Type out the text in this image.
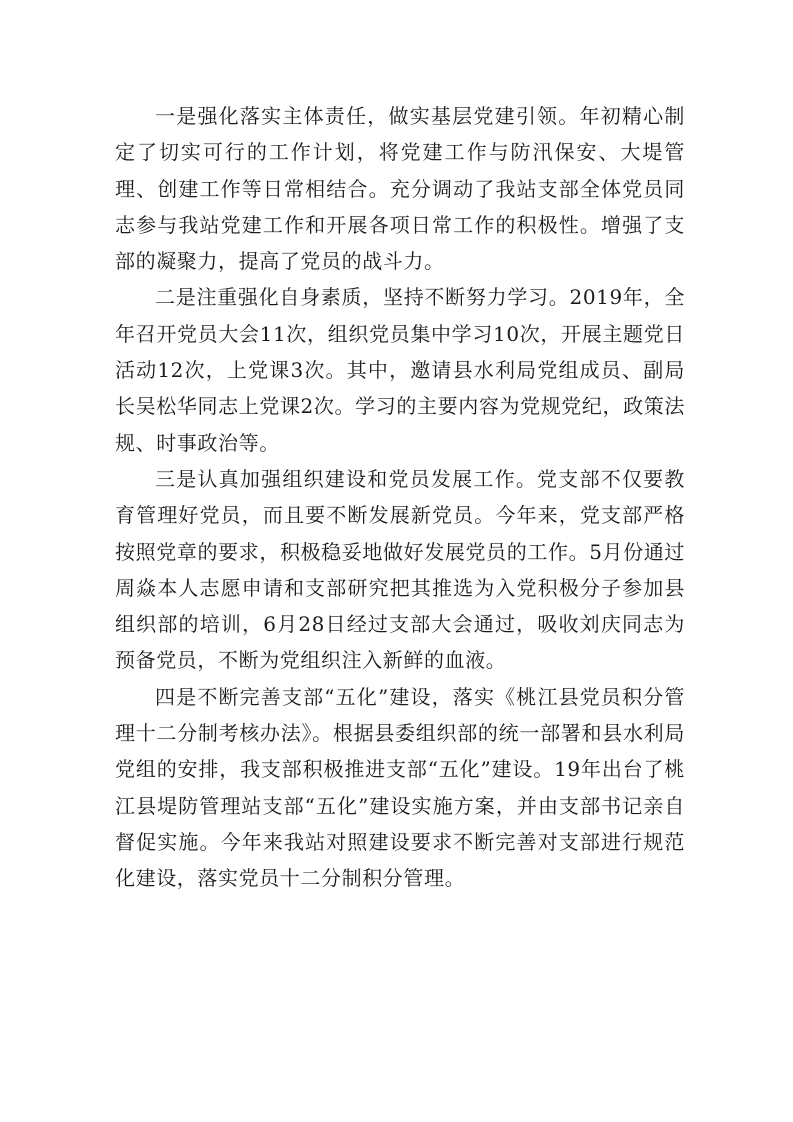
一是强化落实主体责任，做实基层党建引领。年初精心制定了切实可行的工作计划，将党建工作与防汛保安、大堤管理、创建工作等日常相结合。充分调动了我站支部全体党员同志参与我站党建工作和开展各项日常工作的积极性。增强了支部的凝聚力，提高了党员的战斗力。

二是注重强化自身素质，坚持不断努力学习。2019年，全年召开党员大会11次，组织党员集中学习10次，开展主题党日活动12次，上党课3次。其中，邀请县水利局党组成员、副局长吴松华同志上党课2次。学习的主要内容为党规党纪，政策法规、时事政治等。

三是认真加强组织建设和党员发展工作。党支部不仅要教育管理好党员，而且要不断发展新党员。今年来，党支部严格按照党章的要求，积极稳妥地做好发展党员的工作。5月份通过周焱本人志愿申请和支部研究把其推选为入党积极分子参加县组织部的培训，6月28日经过支部大会通过，吸收刘庆同志为预备党员，不断为党组织注入新鲜的血液。

四是不断完善支部“五化”建设，落实《桃江县党员积分管理十二分制考核办法》。根据县委组织部的统一部署和县水利局党组的安排，我支部积极推进支部“五化”建设。19年出台了桃江县堤防管理站支部“五化”建设实施方案，并由支部书记亲自督促实施。今年来我站对照建设要求不断完善对支部进行规范化建设，落实党员十二分制积分管理。
